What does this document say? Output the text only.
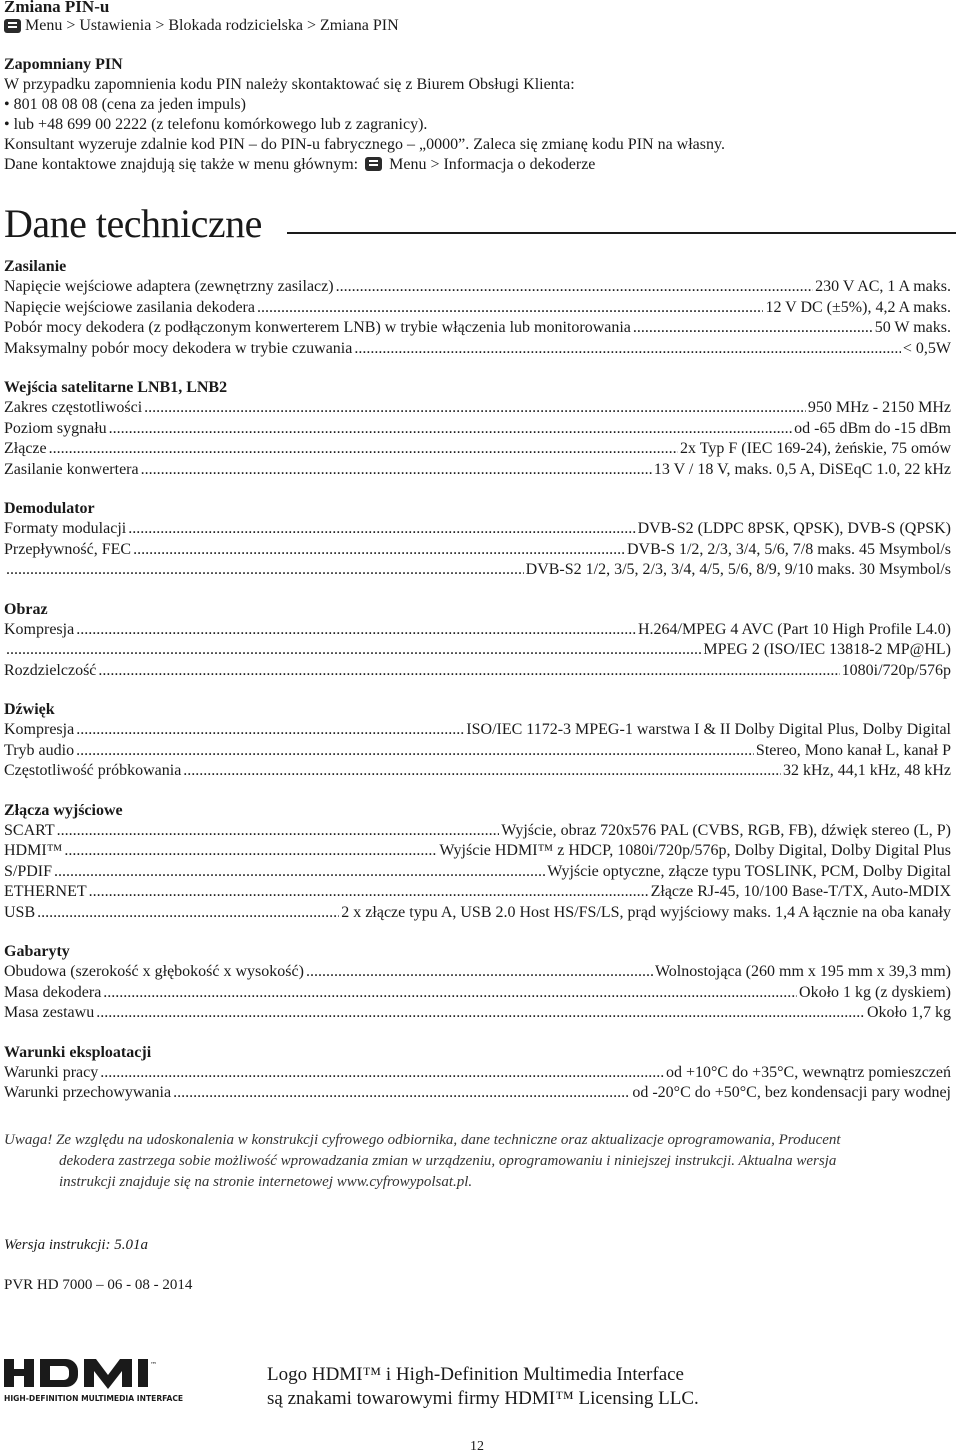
Zmiana PIN-u
Menu > Ustawienia > Blokada rodzicielska > Zmiana PIN

Zapomniany PIN

W przypadku zapomnienia kodu PIN należy skontaktować się z Biurem Obsługi Klienta:

• 801 08 08 08 (cena za jeden impuls)

• lub +48 699 00 2222 (z telefonu komórkowego lub z zagranicy).

Konsultant wyzeruje zdalnie kod PIN – do PIN-u fabrycznego – „0000”. Zaleca się zmianę kodu PIN na własny.

Dane kontaktowe znajdują się także w menu głównym: Menu > Informacja o dekoderze

Dane techniczne
Zasilanie
Napięcie wejściowe adaptera (zewnętrzny zasilacz) .....	230 V AC, 1 A maks.
Napięcie wejściowe zasilania dekodera .....	12 V DC (±5%), 4,2 A maks.
Pobór mocy dekodera (z podłączonym konwerterem LNB) w trybie włączenia lub monitorowania .....	50 W maks.
Maksymalny pobór mocy dekodera w trybie czuwania .....	< 0,5W
Wejścia satelitarne LNB1, LNB2
Zakres częstotliwości .....	950 MHz - 2150 MHz
Poziom sygnału .....	od -65 dBm do -15 dBm
Złącze .....	2x Typ F (IEC 169-24), żeńskie, 75 omów
Zasilanie konwertera .....	13 V / 18 V, maks. 0,5 A, DiSEqC 1.0, 22 kHz
Demodulator
Formaty modulacji .....	DVB-S2 (LDPC 8PSK, QPSK), DVB-S (QPSK)
Przepływność, FEC .....	DVB-S 1/2, 2/3, 3/4, 5/6, 7/8 maks. 45 Msymbol/s
.....
DVB-S2 1/2, 3/5, 2/3, 3/4, 4/5, 5/6, 8/9, 9/10 maks. 30 Msymbol/s
Obraz
Kompresja .....	H.264/MPEG 4 AVC (Part 10 High Profile L4.0)
.....
MPEG 2 (ISO/IEC 13818-2 MP@HL)
Rozdzielczość .....	1080i/720p/576p
Dźwięk
Kompresja .....	ISO/IEC 1172-3 MPEG-1 warstwa I & II Dolby Digital Plus, Dolby Digital
Tryb audio .....	Stereo, Mono kanał L, kanał P
Częstotliwość próbkowania .....	32 kHz, 44,1 kHz, 48 kHz
Złącza wyjściowe
SCART .....	Wyjście, obraz 720x576 PAL (CVBS, RGB, FB), dźwięk stereo (L, P)
HDMI™ .....	Wyjście HDMI™ z HDCP, 1080i/720p/576p, Dolby Digital, Dolby Digital Plus
S/PDIF .....	Wyjście optyczne, złącze typu TOSLINK, PCM, Dolby Digital
ETHERNET .....	Złącze RJ-45, 10/100 Base-T/TX, Auto-MDIX
USB .....	2 x złącze typu A, USB 2.0 Host HS/FS/LS, prąd wyjściowy maks. 1,4 A łącznie na oba kanały
Gabaryty
Obudowa (szerokość x głębokość x wysokość) .....	Wolnostojąca (260 mm x 195 mm x 39,3 mm)
Masa dekodera .....	Około 1 kg (z dyskiem)
Masa zestawu .....	Około 1,7 kg
Warunki eksploatacji
Warunki pracy .....	od +10°C do +35°C, wewnątrz pomieszczeń
Warunki przechowywania .....	od -20°C do +50°C, bez kondensacji pary wodnej
Uwaga! Ze względu na udoskonalenia w konstrukcji cyfrowego odbiornika, dane techniczne oraz aktualizacje oprogramowania, Producent
dekodera zastrzega sobie możliwość wprowadzania zmian w urządzeniu, oprogramowaniu i niniejszej instrukcji. Aktualna wersja
instrukcji znajduje się na stronie internetowej www.cyfrowypolsat.pl.
Wersja instrukcji: 5.01a
PVR HD 7000 – 06 - 08 - 2014
™
HIGH-DEFINITION MULTIMEDIA INTERFACE
Logo HDMI™ i High-Definition Multimedia Interface
są znakami towarowymi firmy HDMI™ Licensing LLC.
12
